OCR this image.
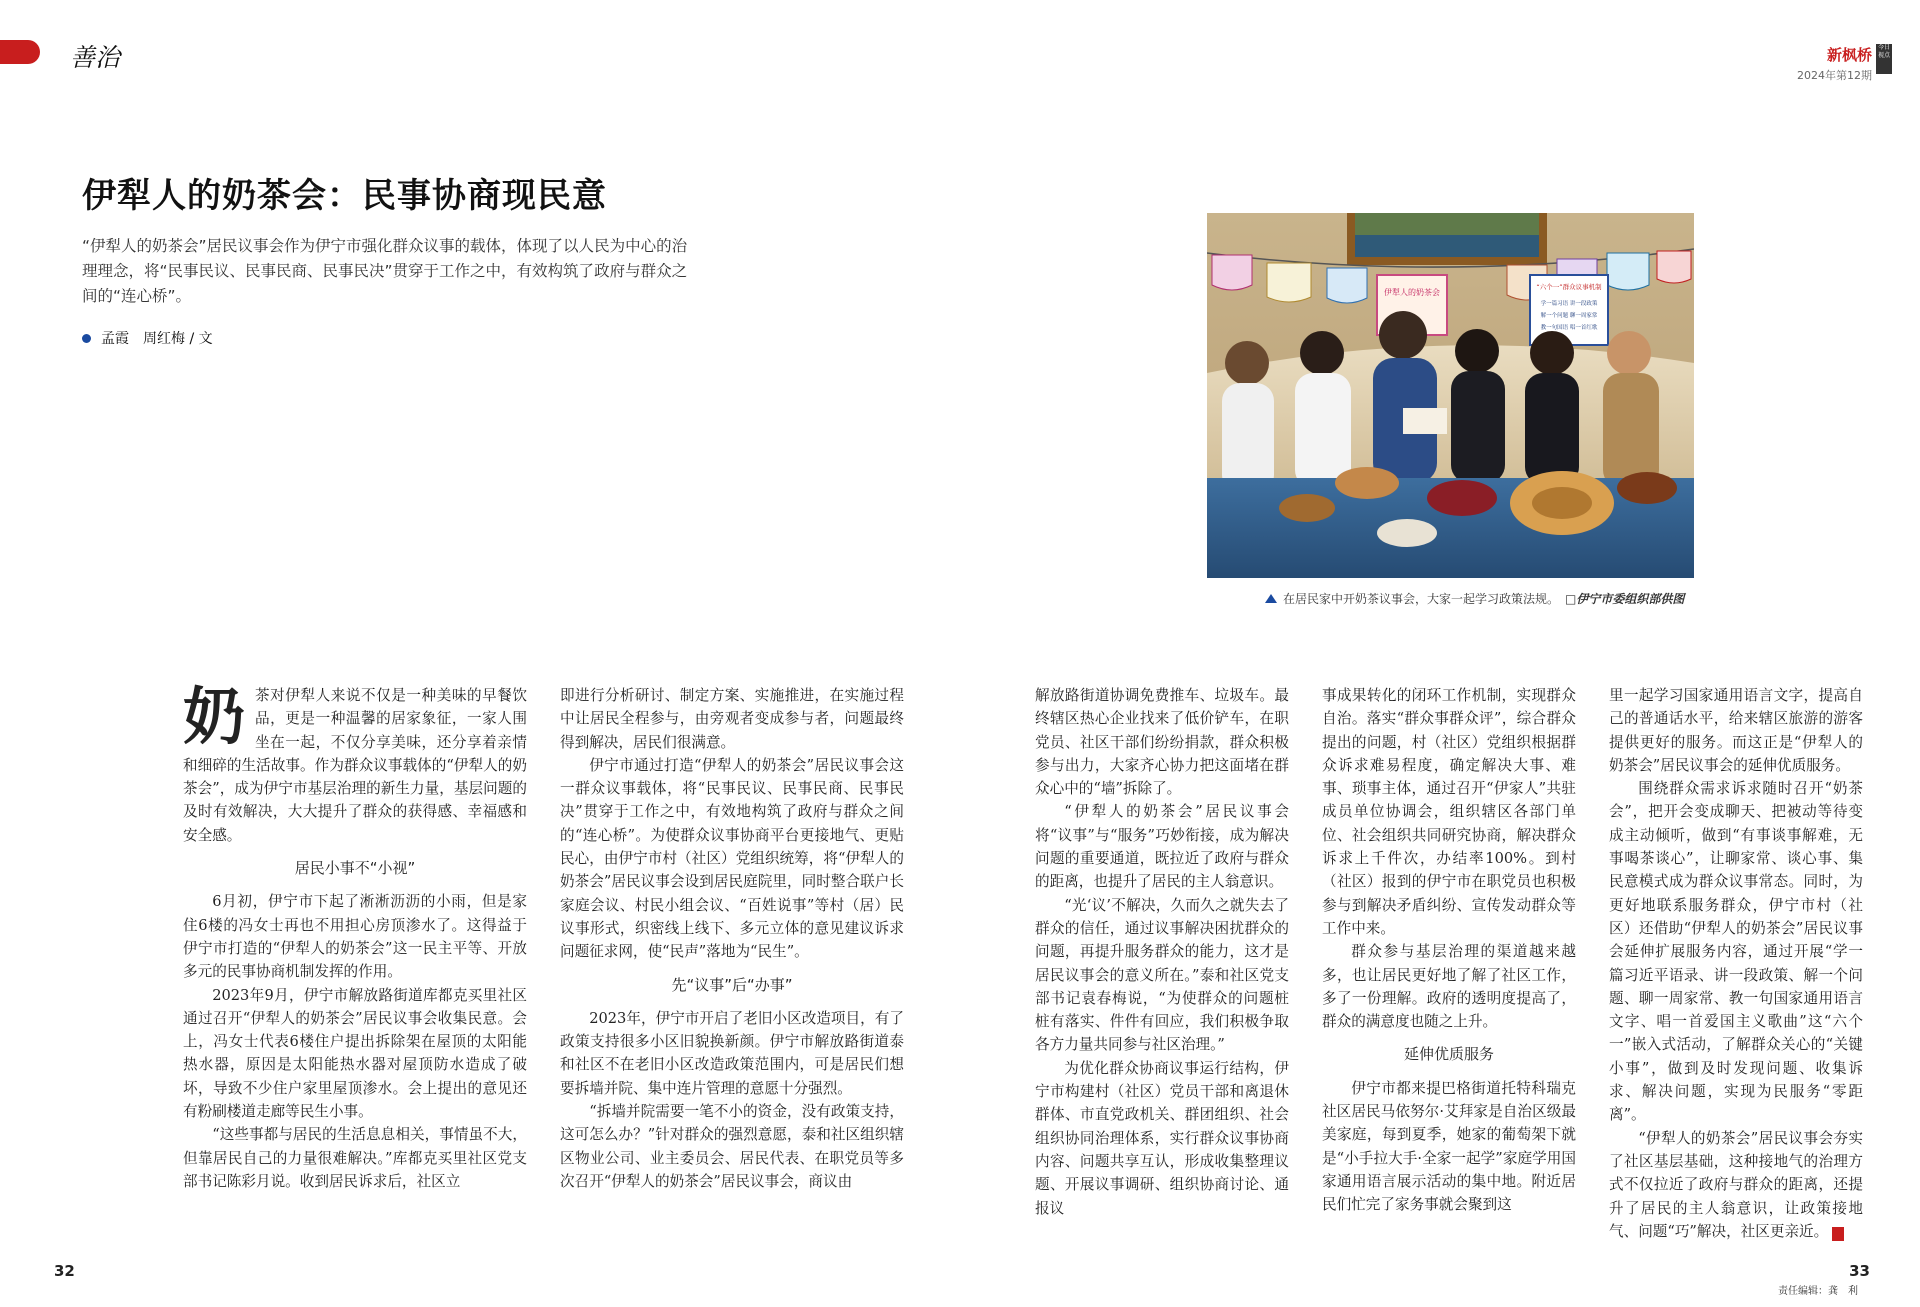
善治	新枫桥
2024年第12期
今日视点
伊犁人的奶茶会：民事协商现民意
“伊犁人的奶茶会”居民议事会作为伊宁市强化群众议事的载体，体现了以人民为中心的治理理念，将“民事民议、民事民商、民事民决”贯穿于工作之中，有效构筑了政府与群众之间的“连心桥”。
孟霞　周红梅 / 文
伊犁人的奶茶会
“六个一”群众议事机制
学一篇习语 讲一段政策
解一个问题 聊一周家常
教一句国语 唱一首红歌
在居民家中开奶茶议事会，大家一起学习政策法规。 □伊宁市委组织部供图
奶 茶对伊犁人来说不仅是一种美味的早餐饮品，更是一种温馨的居家象征，一家人围坐在一起，不仅分享美味，还分享着亲情和细碎的生活故事。作为群众议事载体的“伊犁人的奶茶会”，成为伊宁市基层治理的新生力量，基层问题的及时有效解决，大大提升了群众的获得感、幸福感和安全感。

居民小事不“小视”

6月初，伊宁市下起了淅淅沥沥的小雨，但是家住6楼的冯女士再也不用担心房顶渗水了。这得益于伊宁市打造的“伊犁人的奶茶会”这一民主平等、开放多元的民事协商机制发挥的作用。

2023年9月，伊宁市解放路街道库都克买里社区通过召开“伊犁人的奶茶会”居民议事会收集民意。会上，冯女士代表6楼住户提出拆除架在屋顶的太阳能热水器，原因是太阳能热水器对屋顶防水造成了破坏，导致不少住户家里屋顶渗水。会上提出的意见还有粉刷楼道走廊等民生小事。

“这些事都与居民的生活息息相关，事情虽不大，但靠居民自己的力量很难解决。”库都克买里社区党支部书记陈彩月说。收到居民诉求后，社区立

即进行分析研讨、制定方案、实施推进，在实施过程中让居民全程参与，由旁观者变成参与者，问题最终得到解决，居民们很满意。

伊宁市通过打造“伊犁人的奶茶会”居民议事会这一群众议事载体，将“民事民议、民事民商、民事民决”贯穿于工作之中，有效地构筑了政府与群众之间的“连心桥”。为使群众议事协商平台更接地气、更贴民心，由伊宁市村（社区）党组织统筹，将“伊犁人的奶茶会”居民议事会设到居民庭院里，同时整合联户长家庭会议、村民小组会议、“百姓说事”等村（居）民议事形式，织密线上线下、多元立体的意见建议诉求问题征求网，使“民声”落地为“民生”。

先“议事”后“办事”

2023年，伊宁市开启了老旧小区改造项目，有了政策支持很多小区旧貌换新颜。伊宁市解放路街道泰和社区不在老旧小区改造政策范围内，可是居民们想要拆墙并院、集中连片管理的意愿十分强烈。

“拆墙并院需要一笔不小的资金，没有政策支持，这可怎么办？”针对群众的强烈意愿，泰和社区组织辖区物业公司、业主委员会、居民代表、在职党员等多次召开“伊犁人的奶茶会”居民议事会，商议由

解放路街道协调免费推车、垃圾车。最终辖区热心企业找来了低价铲车，在职党员、社区干部们纷纷捐款，群众积极参与出力，大家齐心协力把这面堵在群众心中的“墙”拆除了。

“伊犁人的奶茶会”居民议事会将“议事”与“服务”巧妙衔接，成为解决问题的重要通道，既拉近了政府与群众的距离，也提升了居民的主人翁意识。

“光‘议’不解决，久而久之就失去了群众的信任，通过议事解决困扰群众的问题，再提升服务群众的能力，这才是居民议事会的意义所在。”泰和社区党支部书记袁春梅说，“为使群众的问题桩桩有落实、件件有回应，我们积极争取各方力量共同参与社区治理。”

为优化群众协商议事运行结构，伊宁市构建村（社区）党员干部和离退休群体、市直党政机关、群团组织、社会组织协同治理体系，实行群众议事协商内容、问题共享互认，形成收集整理议题、开展议事调研、组织协商讨论、通报议

事成果转化的闭环工作机制，实现群众自治。落实“群众事群众评”，综合群众提出的问题，村（社区）党组织根据群众诉求难易程度，确定解决大事、难事、琐事主体，通过召开“伊家人”共驻成员单位协调会，组织辖区各部门单位、社会组织共同研究协商，解决群众诉求上千件次，办结率100%。到村（社区）报到的伊宁市在职党员也积极参与到解决矛盾纠纷、宣传发动群众等工作中来。

群众参与基层治理的渠道越来越多，也让居民更好地了解了社区工作，多了一份理解。政府的透明度提高了，群众的满意度也随之上升。

延伸优质服务

伊宁市都来提巴格街道托特科瑞克社区居民马依努尔·艾拜家是自治区级最美家庭，每到夏季，她家的葡萄架下就是“小手拉大手·全家一起学”家庭学用国家通用语言展示活动的集中地。附近居民们忙完了家务事就会聚到这

里一起学习国家通用语言文字，提高自己的普通话水平，给来辖区旅游的游客提供更好的服务。而这正是“伊犁人的奶茶会”居民议事会的延伸优质服务。

围绕群众需求诉求随时召开“奶茶会”，把开会变成聊天、把被动等待变成主动倾听，做到“有事谈事解难，无事喝茶谈心”，让聊家常、谈心事、集民意模式成为群众议事常态。同时，为更好地联系服务群众，伊宁市村（社区）还借助“伊犁人的奶茶会”居民议事会延伸扩展服务内容，通过开展“学一篇习近平语录、讲一段政策、解一个问题、聊一周家常、教一句国家通用语言文字、唱一首爱国主义歌曲”这“六个一”嵌入式活动，了解群众关心的“关键小事”，做到及时发现问题、收集诉求、解决问题，实现为民服务“零距离”。

“伊犁人的奶茶会”居民议事会夯实了社区基层基础，这种接地气的治理方式不仅拉近了政府与群众的距离，还提升了居民的主人翁意识，让政策接地气、问题“巧”解决，社区更亲近。	J

32	33
责任编辑：龚　利
